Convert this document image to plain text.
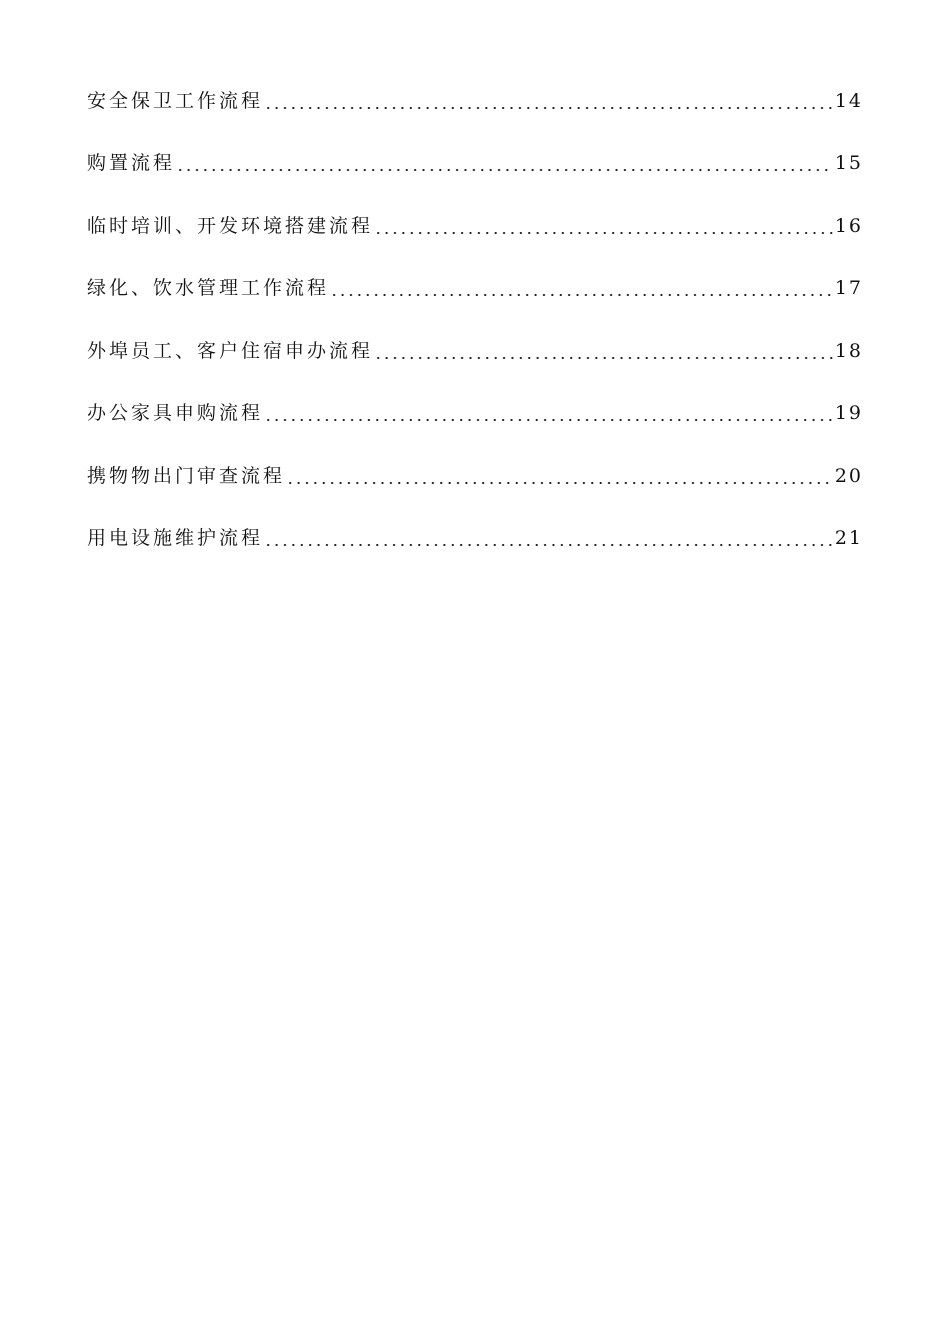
安全保卫工作流程	14
购置流程	15
临时培训、开发环境搭建流程	16
绿化、饮水管理工作流程	17
外埠员工、客户住宿申办流程	18
办公家具申购流程	19
携物物出门审查流程	20
用电设施维护流程	21
